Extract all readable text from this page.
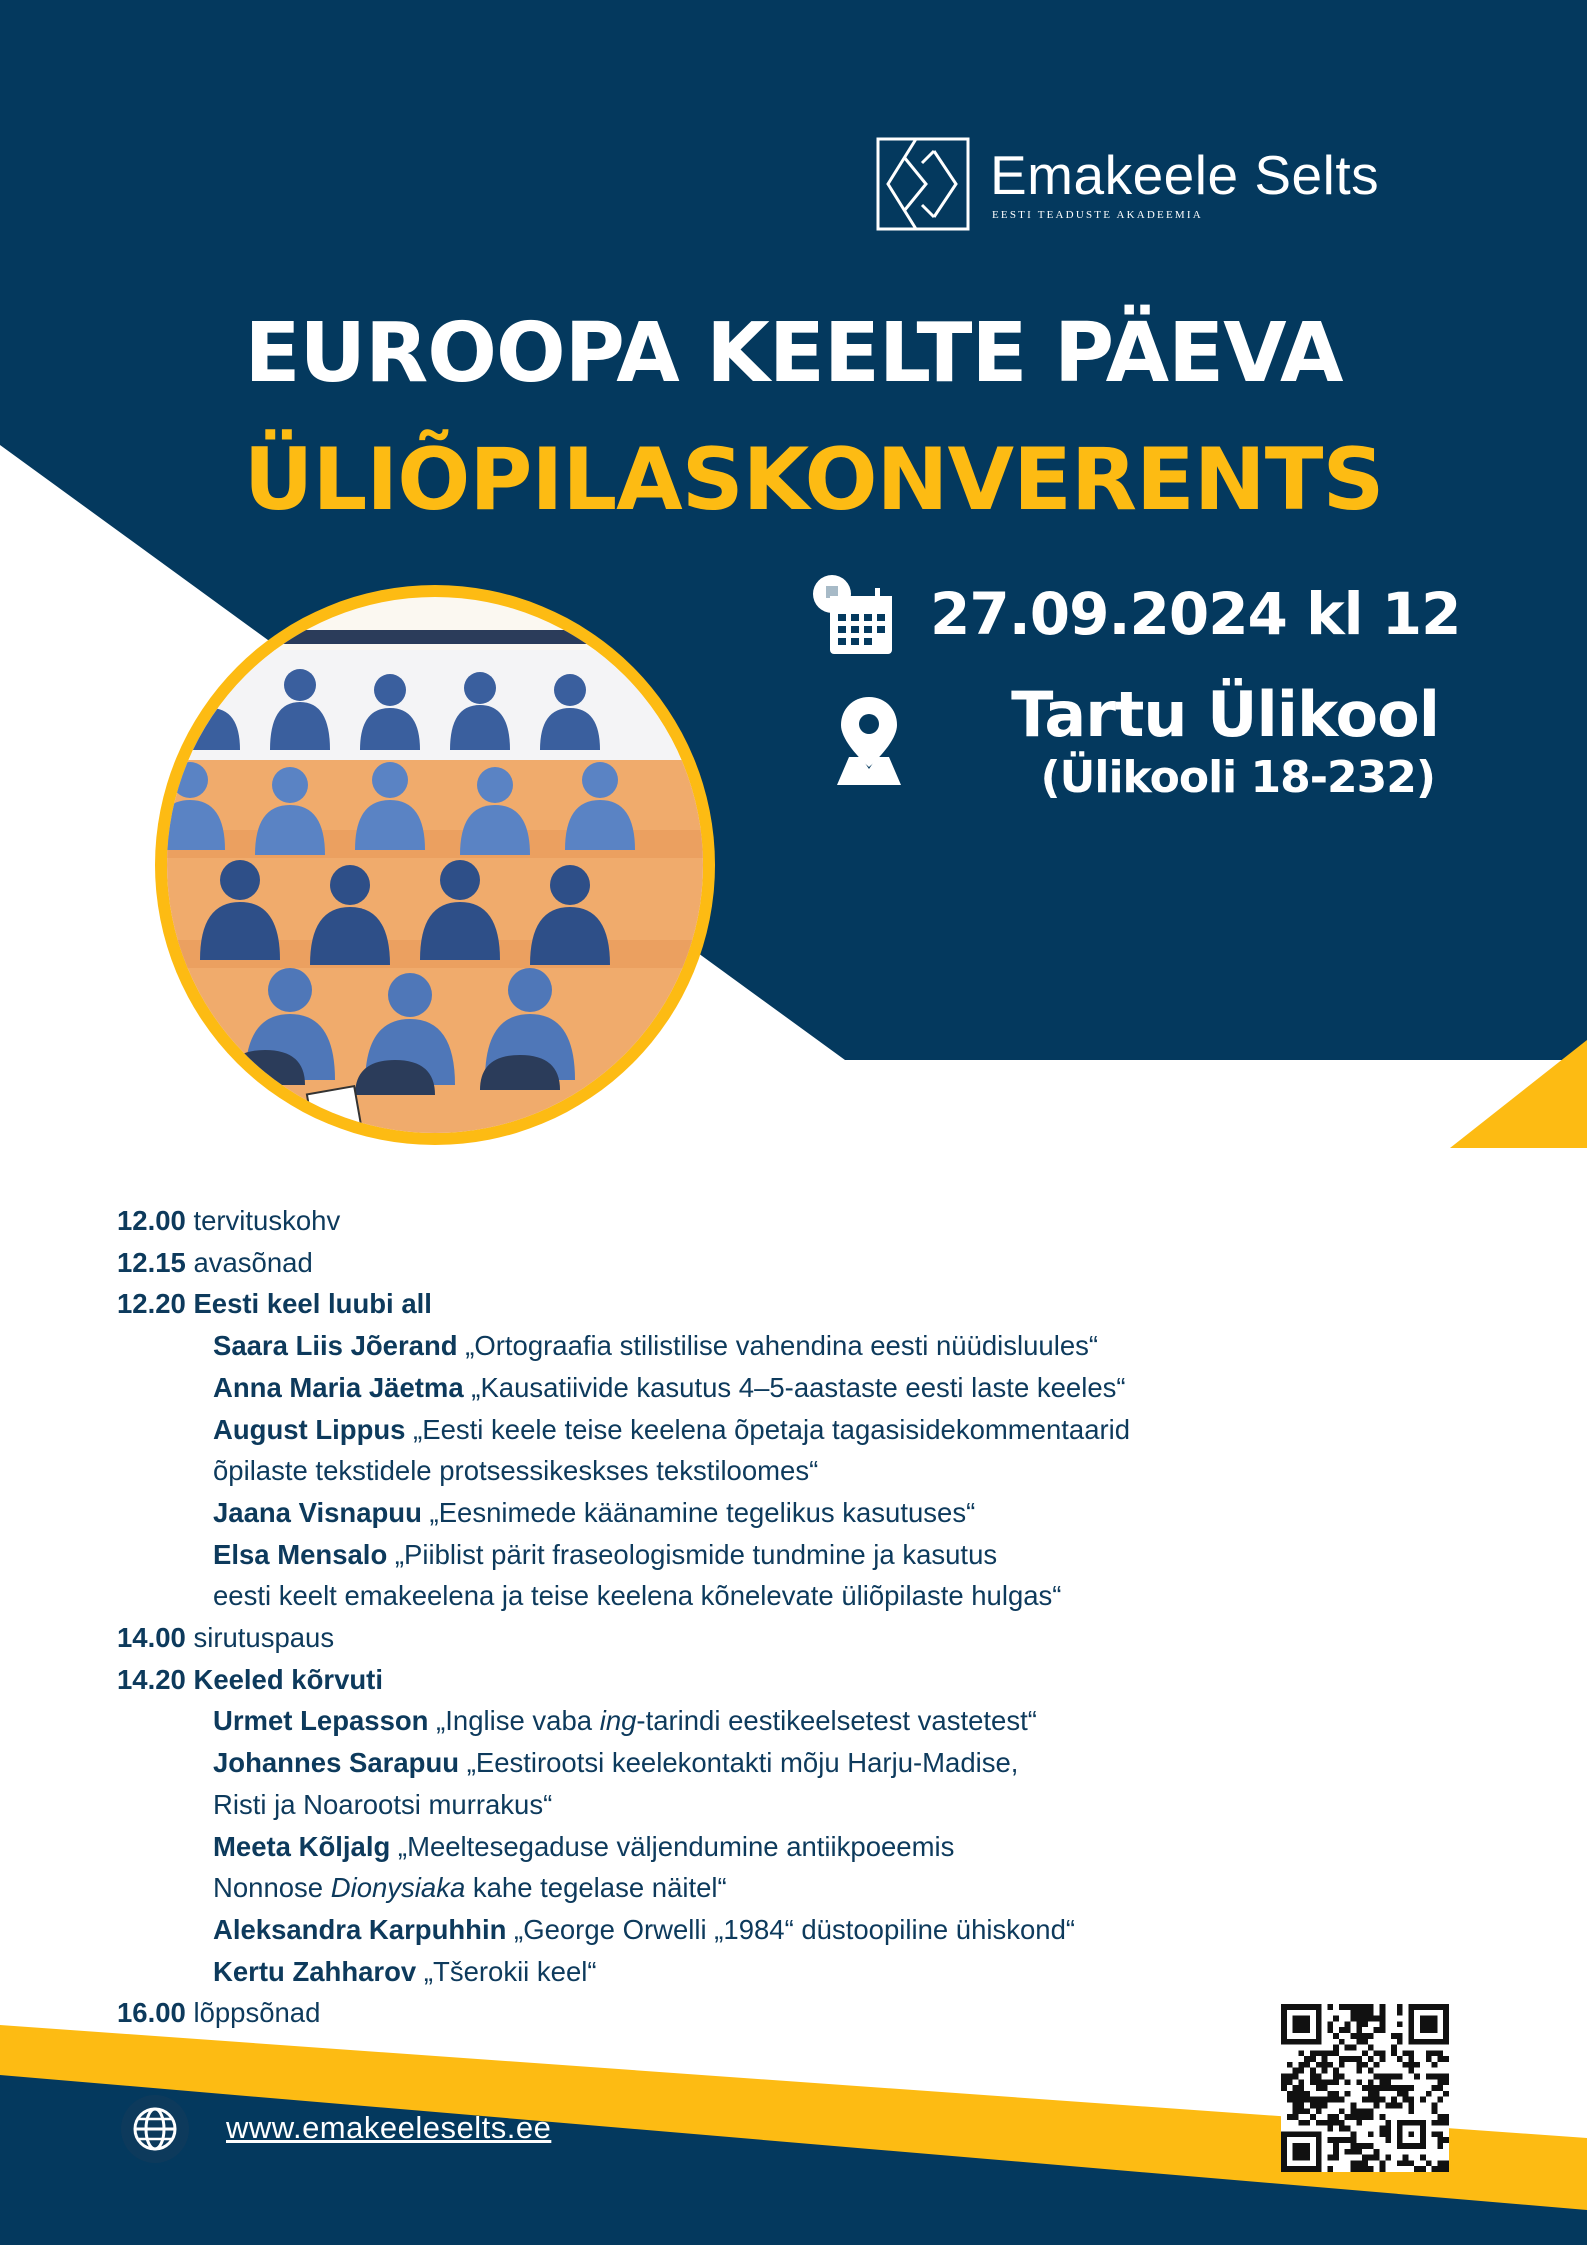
Emakeele Selts
EESTI TEADUSTE AKADEEMIA
EUROOPA KEELTE PÄEVA
ÜLIÕPILASKONVERENTS
27.09.2024 kl 12
Tartu Ülikool
(Ülikooli 18-232)
12.00 tervituskohv
12.15 avasõnad
12.20 Eesti keel luubi all
Saara Liis Jõerand „Ortograafia stilistilise vahendina eesti nüüdisluules“
Anna Maria Jäetma „Kausatiivide kasutus 4–5-aastaste eesti laste keeles“
August Lippus „Eesti keele teise keelena õpetaja tagasisidekommentaarid
õpilaste tekstidele protsessikeskses tekstiloomes“
Jaana Visnapuu „Eesnimede käänamine tegelikus kasutuses“
Elsa Mensalo „Piiblist pärit fraseologismide tundmine ja kasutus
eesti keelt emakeelena ja teise keelena kõnelevate üliõpilaste hulgas“
14.00 sirutuspaus
14.20 Keeled kõrvuti
Urmet Lepasson „Inglise vaba ing-tarindi eestikeelsetest vastetest“
Johannes Sarapuu „Eestirootsi keelekontakti mõju Harju-Madise,
Risti ja Noarootsi murrakus“
Meeta Kõljalg „Meeltesegaduse väljendumine antiikpoeemis
Nonnose Dionysiaka kahe tegelase näitel“
Aleksandra Karpuhhin „George Orwelli „1984“ düstoopiline ühiskond“
Kertu Zahharov „Tšerokii keel“
16.00 lõppsõnad
www.emakeeleselts.ee
